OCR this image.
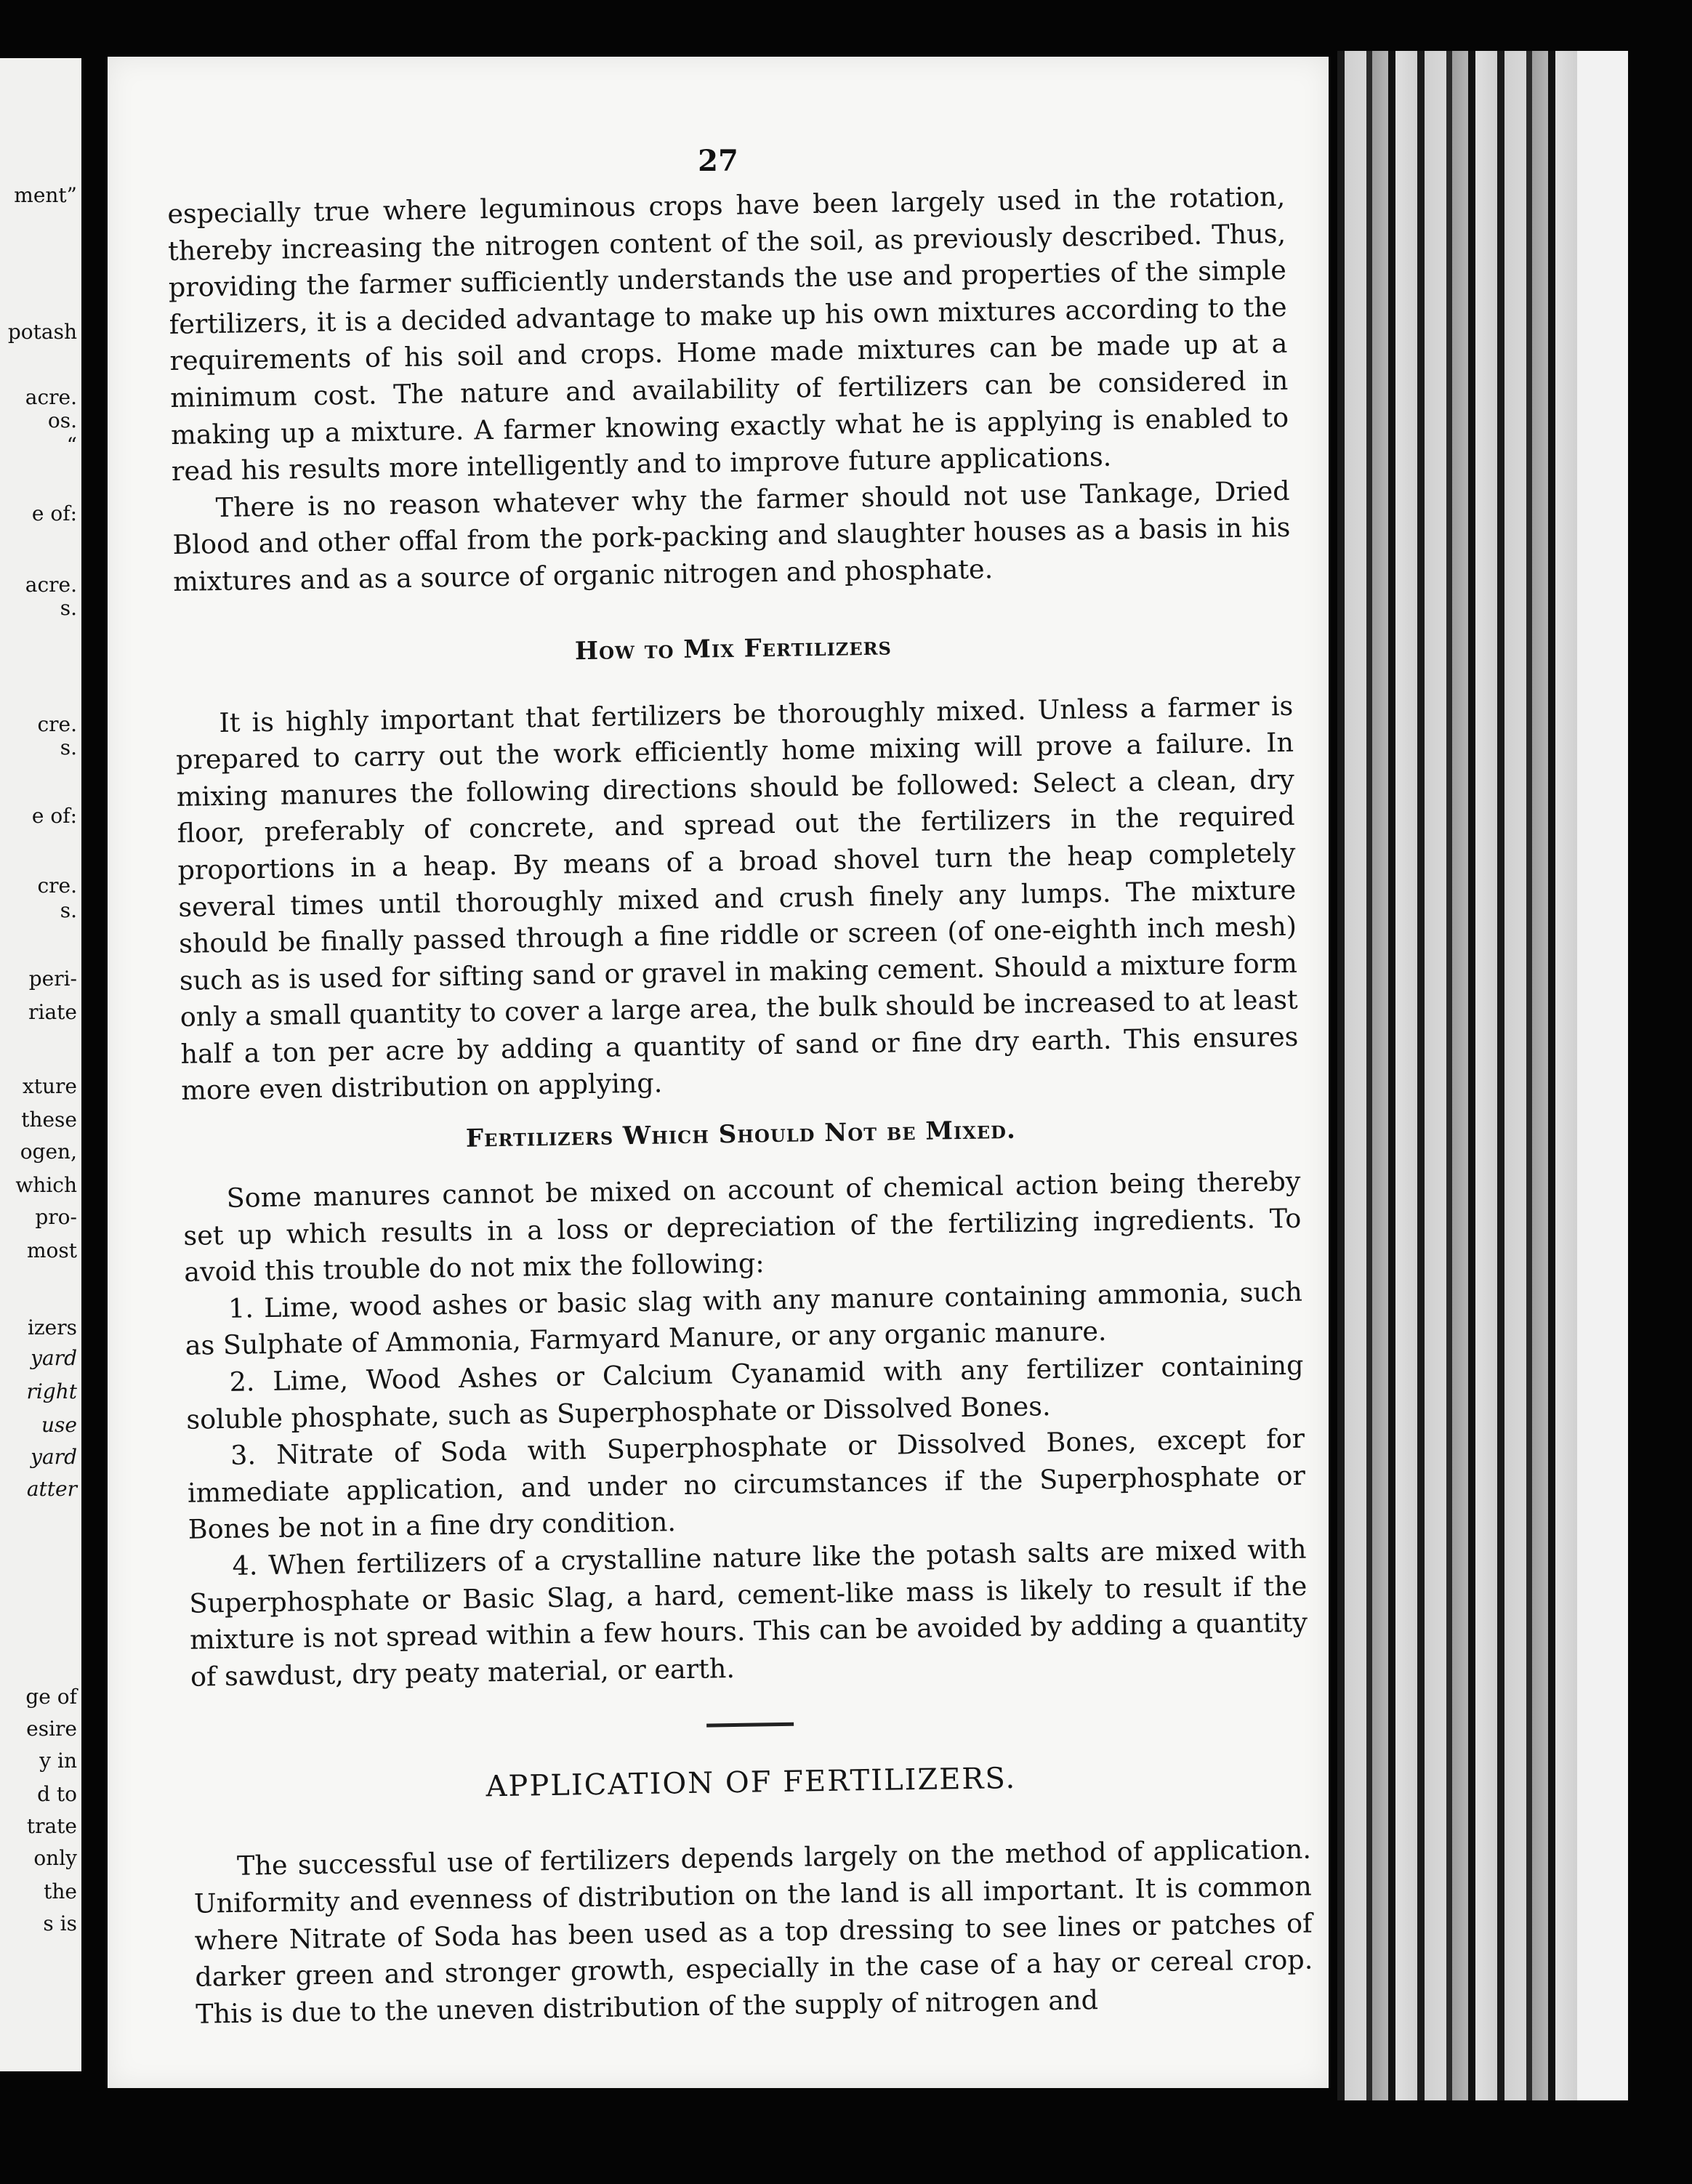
ment”
potash
acre.
os.
“
e of:
acre.
s.
cre.
s.
e of:
cre.
s.
peri-
riate
xture
these
ogen,
which
pro-
most
izers
yard
right
use
yard
atter
ge of
esire
y in
d to
trate
only
the
s is
27

especially true where leguminous crops have been largely used in the rotation, thereby increasing the nitrogen content of the soil, as previously described. Thus, providing the farmer sufficiently understands the use and properties of the simple fertilizers, it is a decided advantage to make up his own mixtures according to the requirements of his soil and crops. Home made mixtures can be made up at a minimum cost. The nature and availability of fertilizers can be considered in making up a mixture. A farmer knowing exactly what he is applying is enabled to read his results more intelligently and to improve future applications.

There is no reason whatever why the farmer should not use Tankage, Dried Blood and other offal from the pork-packing and slaughter houses as a basis in his mixtures and as a source of organic nitrogen and phosphate.

How to Mix Fertilizers

It is highly important that fertilizers be thoroughly mixed. Unless a farmer is prepared to carry out the work efficiently home mixing will prove a failure. In mixing manures the following directions should be followed: Select a clean, dry floor, preferably of concrete, and spread out the fertilizers in the required proportions in a heap. By means of a broad shovel turn the heap completely several times until thoroughly mixed and crush finely any lumps. The mixture should be finally passed through a fine riddle or screen (of one-eighth inch mesh) such as is used for sifting sand or gravel in making cement. Should a mixture form only a small quantity to cover a large area, the bulk should be increased to at least half a ton per acre by adding a quantity of sand or fine dry earth. This ensures more even distribution on applying.

Fertilizers Which Should Not be Mixed.

Some manures cannot be mixed on account of chemical action being thereby set up which results in a loss or depreciation of the fertilizing ingredients. To avoid this trouble do not mix the following:

1. Lime, wood ashes or basic slag with any manure containing ammonia, such as Sulphate of Ammonia, Farmyard Manure, or any organic manure.
2. Lime, Wood Ashes or Calcium Cyanamid with any fertilizer containing soluble phosphate, such as Superphosphate or Dissolved Bones.
3. Nitrate of Soda with Superphosphate or Dissolved Bones, except for immediate application, and under no circumstances if the Superphosphate or Bones be not in a fine dry condition.
4. When fertilizers of a crystalline nature like the potash salts are mixed with Superphosphate or Basic Slag, a hard, cement-like mass is likely to result if the mixture is not spread within a few hours. This can be avoided by adding a quantity of sawdust, dry peaty material, or earth.
APPLICATION OF FERTILIZERS.

The successful use of fertilizers depends largely on the method of application. Uniformity and evenness of distribution on the land is all important. It is common where Nitrate of Soda has been used as a top dressing to see lines or patches of darker green and stronger growth, especially in the case of a hay or cereal crop. This is due to the uneven distribution of the supply of nitrogen and
